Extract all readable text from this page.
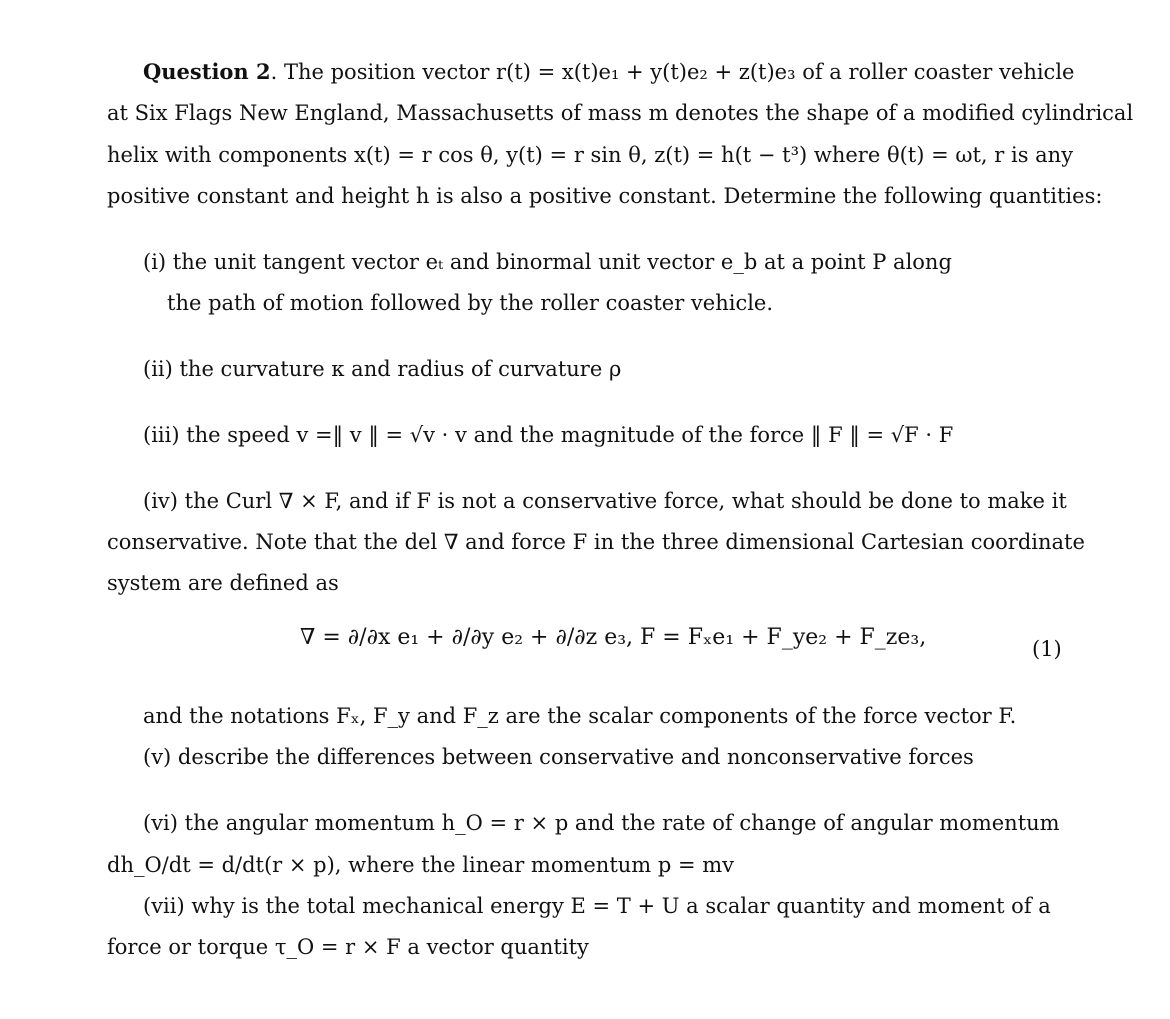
Question 2. The position vector r(t) = x(t)e₁ + y(t)e₂ + z(t)e₃ of a roller coaster vehicle
at Six Flags New England, Massachusetts of mass m denotes the shape of a modified cylindrical
helix with components x(t) = r cos θ, y(t) = r sin θ, z(t) = h(t − t³) where θ(t) = ωt, r is any
positive constant and height h is also a positive constant. Determine the following quantities:
(i) the unit tangent vector eₜ and binormal unit vector e_b at a point P along
the path of motion followed by the roller coaster vehicle.
(ii) the curvature κ and radius of curvature ρ
(iii) the speed v =‖ v ‖ = √v · v and the magnitude of the force ‖ F ‖ = √F · F
(iv) the Curl ∇ × F, and if F is not a conservative force, what should be done to make it
conservative. Note that the del ∇ and force F in the three dimensional Cartesian coordinate
system are defined as
∇ = ∂/∂x e₁ + ∂/∂y e₂ + ∂/∂z e₃, F = Fₓe₁ + F_ye₂ + F_ze₃,	(1)
and the notations Fₓ, F_y and F_z are the scalar components of the force vector F.
(v) describe the differences between conservative and nonconservative forces
(vi) the angular momentum h_O = r × p and the rate of change of angular momentum
dh_O/dt = d/dt(r × p), where the linear momentum p = mv
(vii) why is the total mechanical energy E = T + U a scalar quantity and moment of a
force or torque τ_O = r × F a vector quantity
